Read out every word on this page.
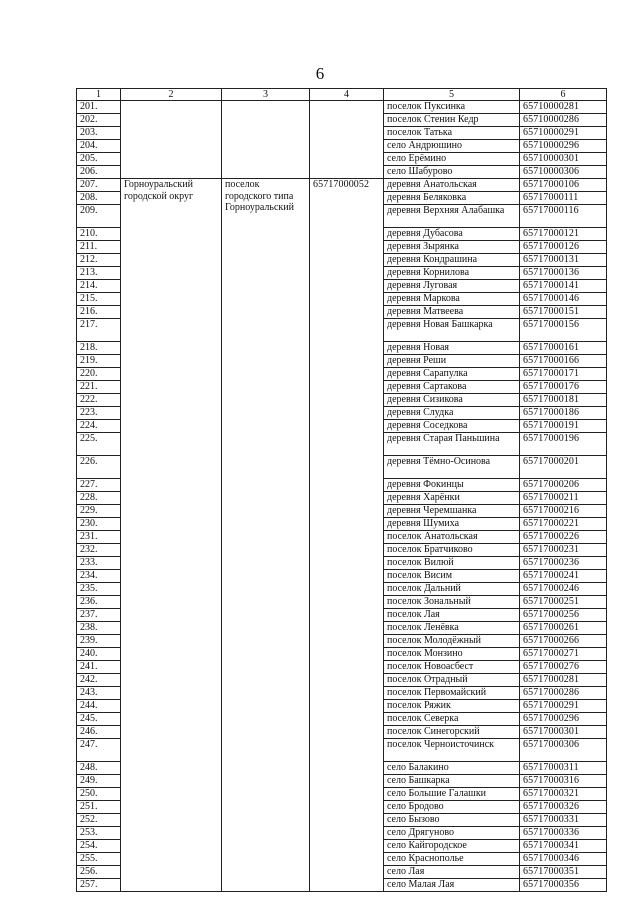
6
1	2	3	4	5	6
201.				поселок Пуксинка	65710000281
202.				поселок Стенин Кедр	65710000286
203.				поселок Татька	65710000291
204.				село Андрюшино	65710000296
205.				село Ерёмино	65710000301
206.				село Шабурово	65710000306
207.	Горноуральский городской округ	поселок городского типа Горноуральский	65717000052	деревня Анатольская	65717000106
208.				деревня Беляковка	65717000111
209.				деревня Верхняя Алабашка	65717000116
210.				деревня Дубасова	65717000121
211.				деревня Зырянка	65717000126
212.				деревня Кондрашина	65717000131
213.				деревня Корнилова	65717000136
214.				деревня Луговая	65717000141
215.				деревня Маркова	65717000146
216.				деревня Матвеева	65717000151
217.				деревня Новая Башкарка	65717000156
218.				деревня Новая	65717000161
219.				деревня Реши	65717000166
220.				деревня Сарапулка	65717000171
221.				деревня Сартакова	65717000176
222.				деревня Сизикова	65717000181
223.				деревня Слудка	65717000186
224.				деревня Соседкова	65717000191
225.				деревня Старая Паньшина	65717000196
226.				деревня Тёмно-Осинова	65717000201
227.				деревня Фокинцы	65717000206
228.				деревня Харёнки	65717000211
229.				деревня Черемшанка	65717000216
230.				деревня Шумиха	65717000221
231.				поселок Анатольская	65717000226
232.				поселок Братчиково	65717000231
233.				поселок Вилюй	65717000236
234.				поселок Висим	65717000241
235.				поселок Дальний	65717000246
236.				поселок Зональный	65717000251
237.				поселок Лая	65717000256
238.				поселок Ленёвка	65717000261
239.				поселок Молодёжный	65717000266
240.				поселок Монзино	65717000271
241.				поселок Новоасбест	65717000276
242.				поселок Отрадный	65717000281
243.				поселок Первомайский	65717000286
244.				поселок Ряжик	65717000291
245.				поселок Северка	65717000296
246.				поселок Синегорский	65717000301
247.				поселок Черноисточинск	65717000306
248.				село Балакино	65717000311
249.				село Башкарка	65717000316
250.				село Большие Галашки	65717000321
251.				село Бродово	65717000326
252.				село Бызово	65717000331
253.				село Дрягуново	65717000336
254.				село Кайгородское	65717000341
255.				село Краснополье	65717000346
256.				село Лая	65717000351
257.				село Малая Лая	65717000356
